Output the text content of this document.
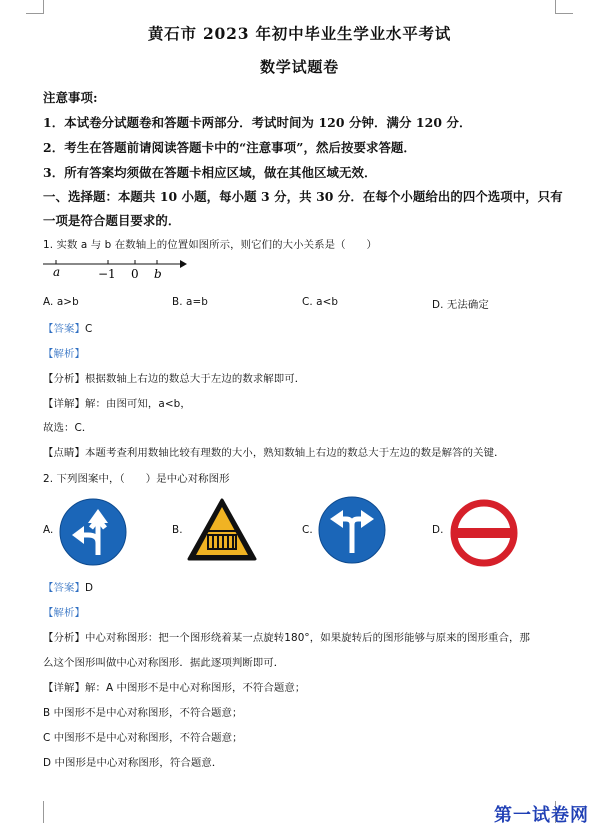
黄石市 2023 年初中毕业生学业水平考试
数学试题卷
注意事项:
1．本试卷分试题卷和答题卡两部分．考试时间为 120 分钟．满分 120 分．
2．考生在答题前请阅读答题卡中的“注意事项”，然后按要求答题．
3．所有答案均须做在答题卡相应区域，做在其他区域无效．
一、选择题：本题共 10 小题，每小题 3 分，共 30 分．在每个小题给出的四个选项中，只有
一项是符合题目要求的．
1. 实数 a 与 b 在数轴上的位置如图所示，则它们的大小关系是（　　）
a	−1 0 b
A. a>b	B. a=b	C. a<b	D. 无法确定
【答案】C
【解析】
【分析】根据数轴上右边的数总大于左边的数求解即可．
【详解】解：由图可知，a<b，
故选：C．
【点睛】本题考查利用数轴比较有理数的大小，熟知数轴上右边的数总大于左边的数是解答的关键．
2. 下列图案中，（　　）是中心对称图形
A.	B.	C.	D.
【答案】D
【解析】
【分析】中心对称图形：把一个图形绕着某一点旋转180°，如果旋转后的图形能够与原来的图形重合，那
么这个图形叫做中心对称图形．据此逐项判断即可．
【详解】解：A 中图形不是中心对称图形，不符合题意；
B 中图形不是中心对称图形，不符合题意；
C 中图形不是中心对称图形，不符合题意；
D 中图形是中心对称图形，符合题意．
第一试卷网
